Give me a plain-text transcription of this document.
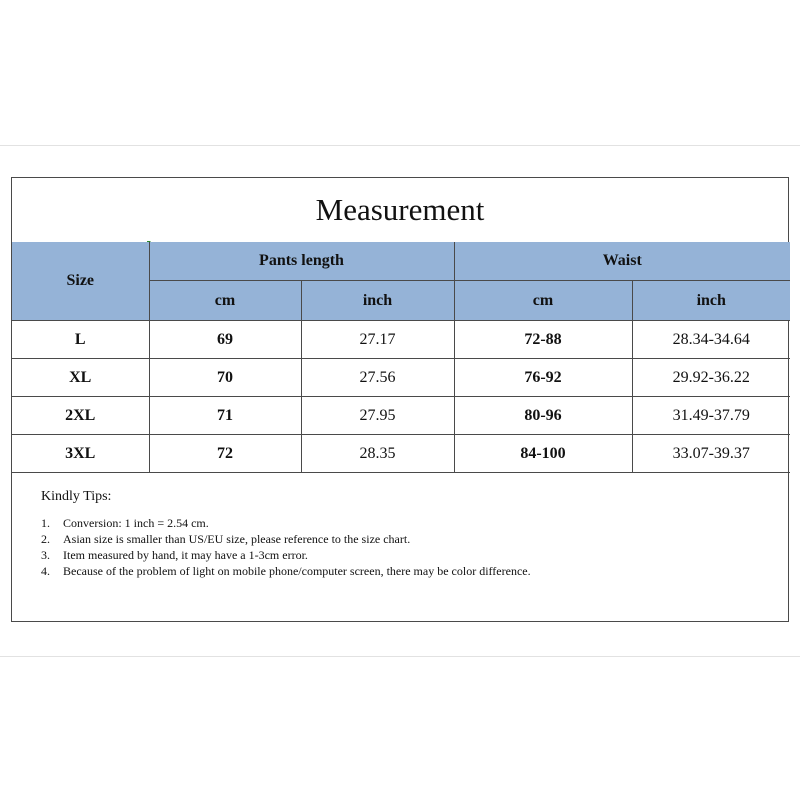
Measurement
Size	Pants length		Waist	
	cm	inch	cm	inch
L	69	27.17	72-88	28.34-34.64
XL	70	27.56	76-92	29.92-36.22
2XL	71	27.95	80-96	31.49-37.79
3XL	72	28.35	84-100	33.07-39.37
Kindly Tips:
1.	Conversion: 1 inch = 2.54 cm.
2.	Asian size is smaller than US/EU size, please reference to the size chart.
3.	Item measured by hand, it may have a 1-3cm error.
4.	Because of the problem of light on mobile phone/computer screen, there may be color difference.
